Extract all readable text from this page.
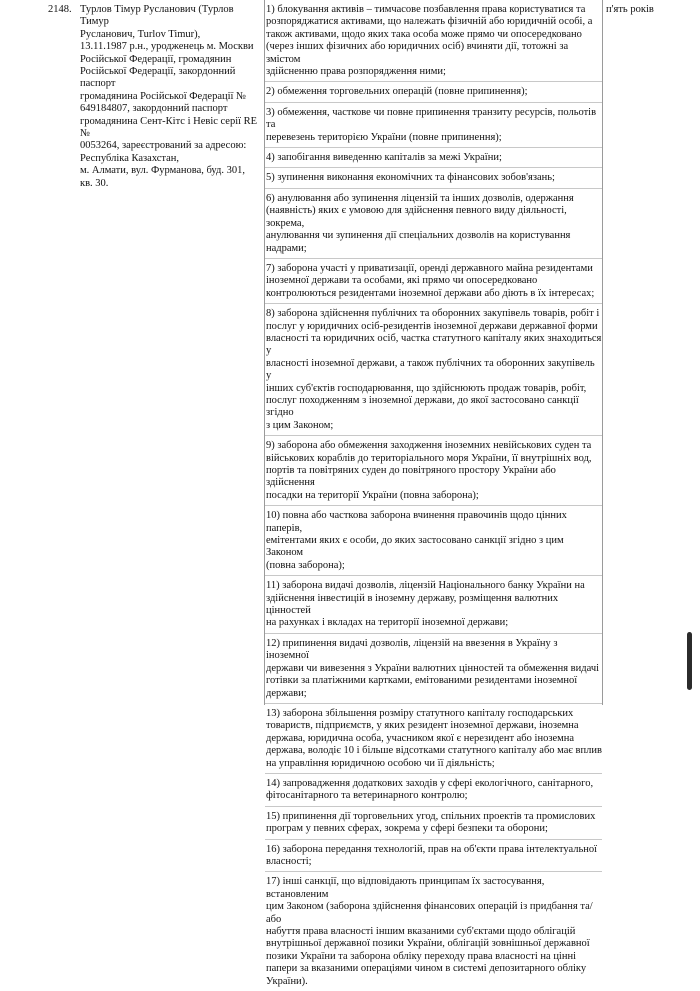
2148. Турлов Тімур Русланович (Турлов Тимур
Русланович, Turlov Timur),
13.11.1987 р.н., уродженець м. Москви
Російської Федерації, громадянин
Російської Федерації, закордонний паспорт
громадянина Російської Федерації №
649184807, закордонний паспорт
громадянина Сент-Кітс і Невіс серії RE №
0053264, зареєстрований за адресою:
Республіка Казахстан,
м. Алмати, вул. Фурманова, буд. 301,
кв. 30.
1) блокування активів – тимчасове позбавлення права користуватися та
розпоряджатися активами, що належать фізичній або юридичній особі, а
також активами, щодо яких така особа може прямо чи опосередковано
(через інших фізичних або юридичних осіб) вчиняти дії, тотожні за змістом
здійсненню права розпорядження ними;
2) обмеження торговельних операцій (повне припинення);
3) обмеження, часткове чи повне припинення транзиту ресурсів, польотів та
перевезень територією України (повне припинення);
4) запобігання виведенню капіталів за межі України;
5) зупинення виконання економічних та фінансових зобов'язань;
6) анулювання або зупинення ліцензій та інших дозволів, одержання
(наявність) яких є умовою для здійснення певного виду діяльності, зокрема,
анулювання чи зупинення дії спеціальних дозволів на користування
надрами;
7) заборона участі у приватизації, оренді державного майна резидентами
іноземної держави та особами, які прямо чи опосередковано
контролюються резидентами іноземної держави або діють в їх інтересах;
8) заборона здійснення публічних та оборонних закупівель товарів, робіт і
послуг у юридичних осіб-резидентів іноземної держави державної форми
власності та юридичних осіб, частка статутного капіталу яких знаходиться у
власності іноземної держави, а також публічних та оборонних закупівель у
інших суб'єктів господарювання, що здійснюють продаж товарів, робіт,
послуг походженням з іноземної держави, до якої застосовано санкції згідно
з цим Законом;
9) заборона або обмеження заходження іноземних невійськових суден та
військових кораблів до територіального моря України, її внутрішніх вод,
портів та повітряних суден до повітряного простору України або здійснення
посадки на території України (повна заборона);
10) повна або часткова заборона вчинення правочинів щодо цінних паперів,
емітентами яких є особи, до яких застосовано санкції згідно з цим Законом
(повна заборона);
11) заборона видачі дозволів, ліцензій Національного банку України на
здійснення інвестицій в іноземну державу, розміщення валютних цінностей
на рахунках і вкладах на території іноземної держави;
12) припинення видачі дозволів, ліцензій на ввезення в Україну з іноземної
держави чи вивезення з України валютних цінностей та обмеження видачі
готівки за платіжними картками, емітованими резидентами іноземної
держави;
13) заборона збільшення розміру статутного капіталу господарських
товариств, підприємств, у яких резидент іноземної держави, іноземна
держава, юридична особа, учасником якої є нерезидент або іноземна
держава, володіє 10 і більше відсотками статутного капіталу або має вплив
на управління юридичною особою чи її діяльність;
14) запровадження додаткових заходів у сфері екологічного, санітарного,
фітосанітарного та ветеринарного контролю;
15) припинення дії торговельних угод, спільних проектів та промислових
програм у певних сферах, зокрема у сфері безпеки та оборони;
16) заборона передання технологій, прав на об'єкти права інтелектуальної
власності;
17) інші санкції, що відповідають принципам їх застосування, встановленим
цим Законом (заборона здійснення фінансових операцій із придбання та/або
набуття права власності іншим вказаними суб'єктами щодо облігацій
внутрішньої державної позики України, облігацій зовнішньої державної
позики України та заборона обліку переходу права власності на цінні
папери за вказаними операціями чином в системі депозитарного обліку
України).
п'ять років
